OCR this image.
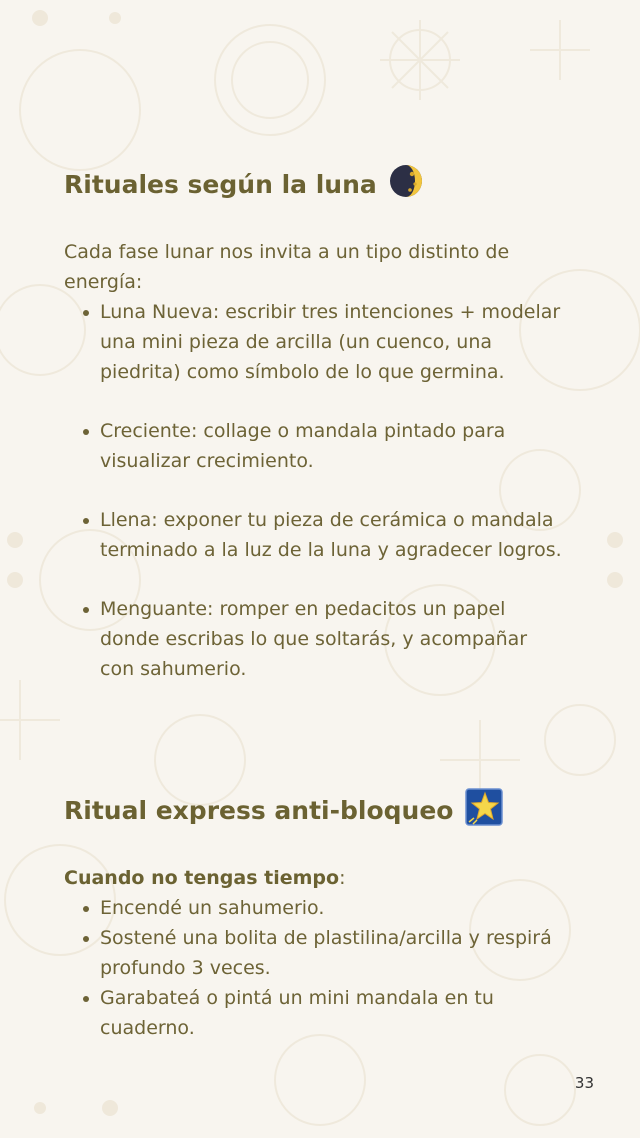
Rituales según la luna

Cada fase lunar nos invita a un tipo distinto de energía:

Luna Nueva: escribir tres intenciones + modelar una mini pieza de arcilla (un cuenco, una piedrita) como símbolo de lo que germina.
Creciente: collage o mandala pintado para visualizar crecimiento.
Llena: exponer tu pieza de cerámica o mandala terminado a la luz de la luna y agradecer logros.
Menguante: romper en pedacitos un papel donde escribas lo que soltarás, y acompañar con sahumerio.
Ritual express anti-bloqueo

Cuando no tengas tiempo:

Encendé un sahumerio.
Sostené una bolita de plastilina/arcilla y respirá profundo 3 veces.
Garabateá o pintá un mini mandala en tu cuaderno.
33
